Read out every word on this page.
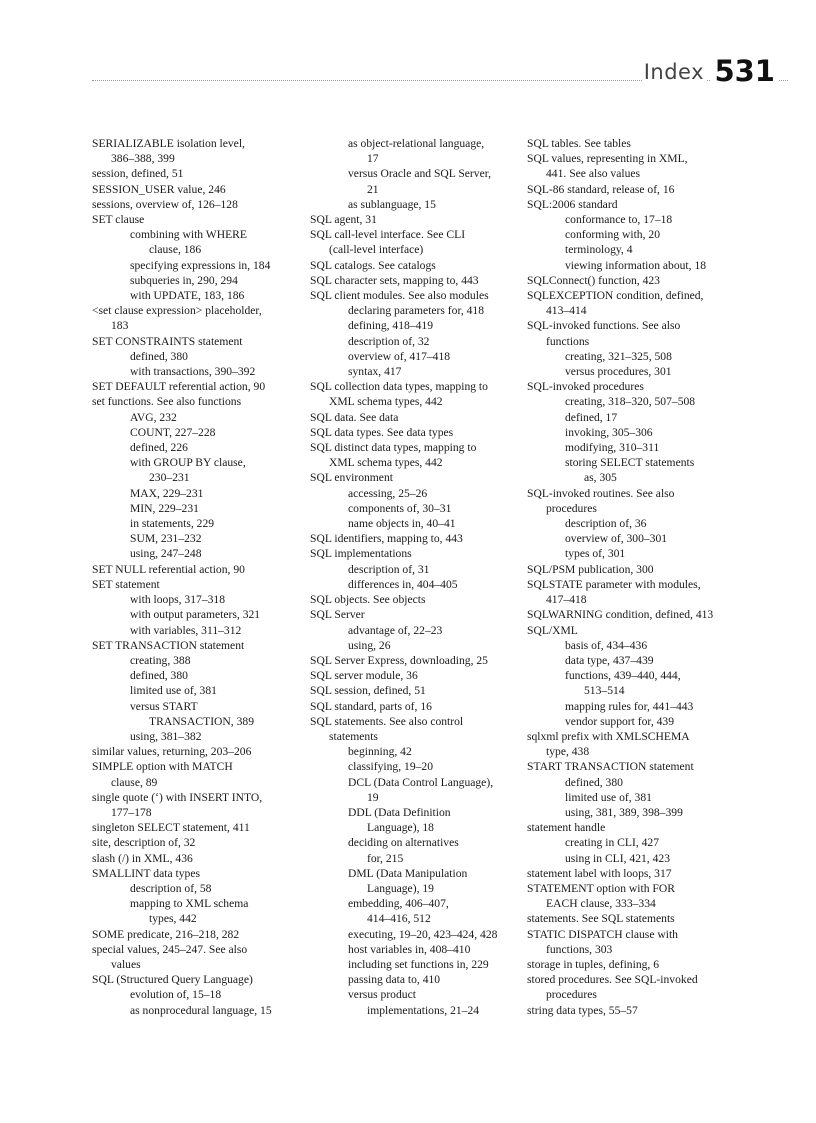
Index 531
SERIALIZABLE isolation level,
386–388, 399
session, defined, 51
SESSION_USER value, 246
sessions, overview of, 126–128
SET clause
combining with WHERE
clause, 186
specifying expressions in, 184
subqueries in, 290, 294
with UPDATE, 183, 186
<set clause expression> placeholder,
183
SET CONSTRAINTS statement
defined, 380
with transactions, 390–392
SET DEFAULT referential action, 90
set functions. See also functions
AVG, 232
COUNT, 227–228
defined, 226
with GROUP BY clause,
230–231
MAX, 229–231
MIN, 229–231
in statements, 229
SUM, 231–232
using, 247–248
SET NULL referential action, 90
SET statement
with loops, 317–318
with output parameters, 321
with variables, 311–312
SET TRANSACTION statement
creating, 388
defined, 380
limited use of, 381
versus START
TRANSACTION, 389
using, 381–382
similar values, returning, 203–206
SIMPLE option with MATCH
clause, 89
single quote (‘) with INSERT INTO,
177–178
singleton SELECT statement, 411
site, description of, 32
slash (/) in XML, 436
SMALLINT data types
description of, 58
mapping to XML schema
types, 442
SOME predicate, 216–218, 282
special values, 245–247. See also
values
SQL (Structured Query Language)
evolution of, 15–18
as nonprocedural language, 15
as object-relational language,
17
versus Oracle and SQL Server,
21
as sublanguage, 15
SQL agent, 31
SQL call-level interface. See CLI
(call-level interface)
SQL catalogs. See catalogs
SQL character sets, mapping to, 443
SQL client modules. See also modules
declaring parameters for, 418
defining, 418–419
description of, 32
overview of, 417–418
syntax, 417
SQL collection data types, mapping to
XML schema types, 442
SQL data. See data
SQL data types. See data types
SQL distinct data types, mapping to
XML schema types, 442
SQL environment
accessing, 25–26
components of, 30–31
name objects in, 40–41
SQL identifiers, mapping to, 443
SQL implementations
description of, 31
differences in, 404–405
SQL objects. See objects
SQL Server
advantage of, 22–23
using, 26
SQL Server Express, downloading, 25
SQL server module, 36
SQL session, defined, 51
SQL standard, parts of, 16
SQL statements. See also control
statements
beginning, 42
classifying, 19–20
DCL (Data Control Language),
19
DDL (Data Definition
Language), 18
deciding on alternatives
for, 215
DML (Data Manipulation
Language), 19
embedding, 406–407,
414–416, 512
executing, 19–20, 423–424, 428
host variables in, 408–410
including set functions in, 229
passing data to, 410
versus product
implementations, 21–24
SQL tables. See tables
SQL values, representing in XML,
441. See also values
SQL-86 standard, release of, 16
SQL:2006 standard
conformance to, 17–18
conforming with, 20
terminology, 4
viewing information about, 18
SQLConnect() function, 423
SQLEXCEPTION condition, defined,
413–414
SQL-invoked functions. See also
functions
creating, 321–325, 508
versus procedures, 301
SQL-invoked procedures
creating, 318–320, 507–508
defined, 17
invoking, 305–306
modifying, 310–311
storing SELECT statements
as, 305
SQL-invoked routines. See also
procedures
description of, 36
overview of, 300–301
types of, 301
SQL/PSM publication, 300
SQLSTATE parameter with modules,
417–418
SQLWARNING condition, defined, 413
SQL/XML
basis of, 434–436
data type, 437–439
functions, 439–440, 444,
513–514
mapping rules for, 441–443
vendor support for, 439
sqlxml prefix with XMLSCHEMA
type, 438
START TRANSACTION statement
defined, 380
limited use of, 381
using, 381, 389, 398–399
statement handle
creating in CLI, 427
using in CLI, 421, 423
statement label with loops, 317
STATEMENT option with FOR
EACH clause, 333–334
statements. See SQL statements
STATIC DISPATCH clause with
functions, 303
storage in tuples, defining, 6
stored procedures. See SQL-invoked
procedures
string data types, 55–57
